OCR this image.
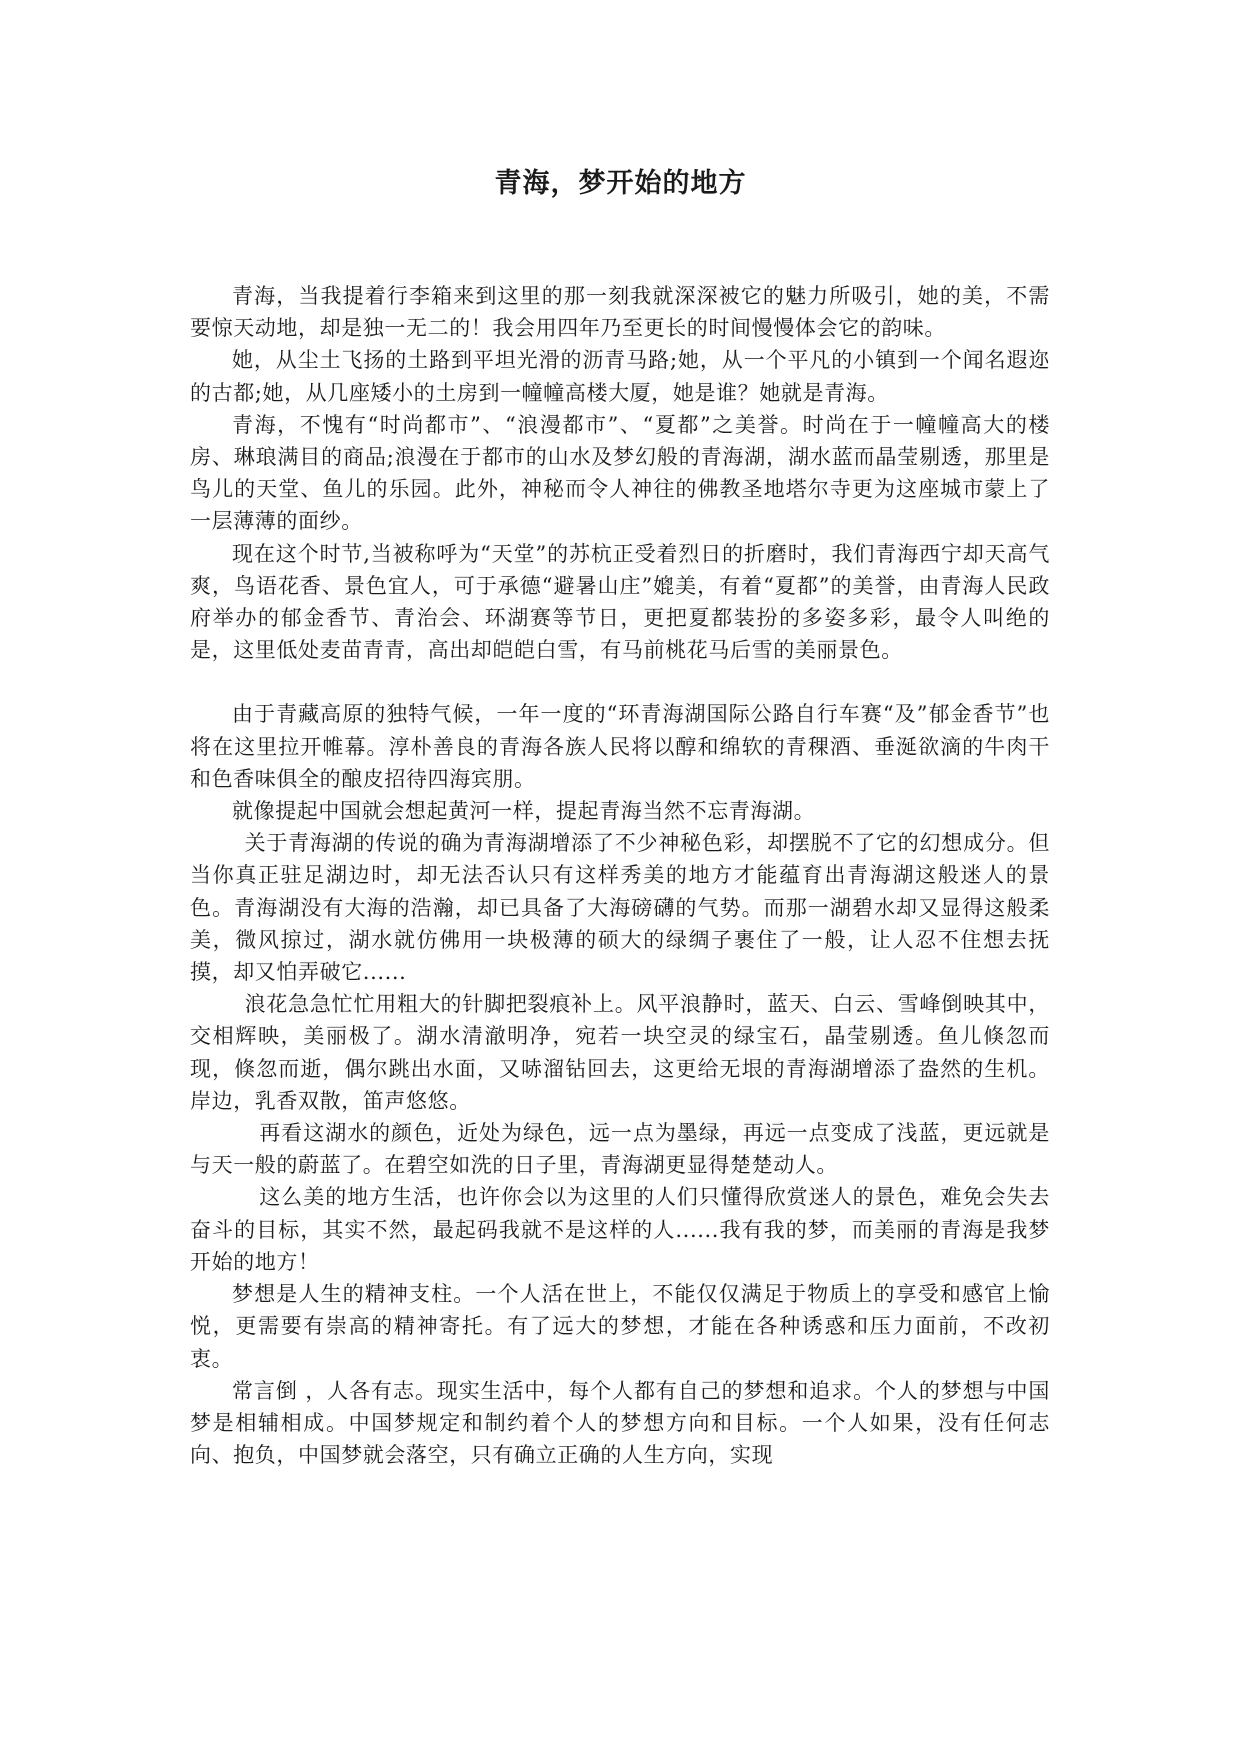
青海，梦开始的地方

青海，当我提着行李箱来到这里的那一刻我就深深被它的魅力所吸引，她的美，不需要惊天动地，却是独一无二的！我会用四年乃至更长的时间慢慢体会它的韵味。

她，从尘土飞扬的土路到平坦光滑的沥青马路;她，从一个平凡的小镇到一个闻名遐迩的古都;她，从几座矮小的土房到一幢幢高楼大厦，她是谁？她就是青海。

青海，不愧有“时尚都市”、“浪漫都市”、“夏都”之美誉。时尚在于一幢幢高大的楼房、琳琅满目的商品;浪漫在于都市的山水及梦幻般的青海湖，湖水蓝而晶莹剔透，那里是鸟儿的天堂、鱼儿的乐园。此外，神秘而令人神往的佛教圣地塔尔寺更为这座城市蒙上了一层薄薄的面纱。

现在这个时节,当被称呼为“天堂”的苏杭正受着烈日的折磨时，我们青海西宁却天高气爽，鸟语花香、景色宜人，可于承德“避暑山庄”媲美，有着“夏都”的美誉，由青海人民政府举办的郁金香节、青治会、环湖赛等节日，更把夏都装扮的多姿多彩，最令人叫绝的是，这里低处麦苗青青，高出却皑皑白雪，有马前桃花马后雪的美丽景色。

由于青藏高原的独特气候，一年一度的“环青海湖国际公路自行车赛“及”郁金香节”也将在这里拉开帷幕。淳朴善良的青海各族人民将以醇和绵软的青稞酒、垂涎欲滴的牛肉干和色香味俱全的酿皮招待四海宾朋。

就像提起中国就会想起黄河一样，提起青海当然不忘青海湖。

关于青海湖的传说的确为青海湖增添了不少神秘色彩，却摆脱不了它的幻想成分。但当你真正驻足湖边时，却无法否认只有这样秀美的地方才能蕴育出青海湖这般迷人的景色。青海湖没有大海的浩瀚，却已具备了大海磅礴的气势。而那一湖碧水却又显得这般柔美，微风掠过，湖水就仿佛用一块极薄的硕大的绿绸子裹住了一般，让人忍不住想去抚摸，却又怕弄破它......

浪花急急忙忙用粗大的针脚把裂痕补上。风平浪静时，蓝天、白云、雪峰倒映其中，交相辉映，美丽极了。湖水清澈明净，宛若一块空灵的绿宝石，晶莹剔透。鱼儿倏忽而现，倏忽而逝，偶尔跳出水面，又哧溜钻回去，这更给无垠的青海湖增添了盎然的生机。岸边，乳香双散，笛声悠悠。

再看这湖水的颜色，近处为绿色，远一点为墨绿，再远一点变成了浅蓝，更远就是与天一般的蔚蓝了。在碧空如洗的日子里，青海湖更显得楚楚动人。

这么美的地方生活，也许你会以为这里的人们只懂得欣赏迷人的景色，难免会失去奋斗的目标，其实不然，最起码我就不是这样的人......我有我的梦，而美丽的青海是我梦开始的地方！

梦想是人生的精神支柱。一个人活在世上，不能仅仅满足于物质上的享受和感官上愉悦，更需要有崇高的精神寄托。有了远大的梦想，才能在各种诱惑和压力面前，不改初衷。

常言倒 ，人各有志。现实生活中，每个人都有自己的梦想和追求。个人的梦想与中国梦是相辅相成。中国梦规定和制约着个人的梦想方向和目标。一个人如果，没有任何志向、抱负，中国梦就会落空，只有确立正确的人生方向，实现
